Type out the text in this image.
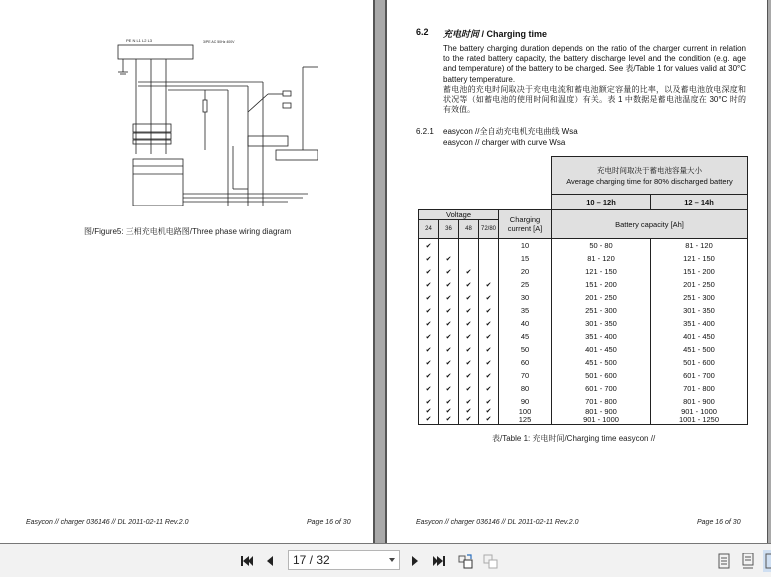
PE N L1 L2 L3	3/PE AC 50Hz 400V
图/Figure5: 三相充电机电路图/Three phase wiring diagram
Easycon // charger 036146 // DL 2011-02-11 Rev.2.0	Page 16 of 30
6.2 充电时间 / Charging time

The battery charging duration depends on the ratio of the charger current in relation to the rated battery capacity, the battery discharge level and the condition (e.g. age and temperature) of the battery to be charged. See 表/Table 1 for values valid at 30°C battery temperature.

蓄电池的充电时间取决于充电电流和蓄电池额定容量的比率，以及蓄电池放电深度和状况等（如蓄电池的使用时间和温度）有关。表 1 中数据是蓄电池温度在 30°C 时的有效值。

6.2.1 easycon //全自动充电机充电曲线 Wsa
easycon // charger with curve Wsa

					充电时间取决于蓄电池容量大小
Average charging time for 80% discharged battery	

					10 – 12h	12 – 14h
Voltage				Charging current [A]	Battery capacity [Ah]	
24	36	48	72/80			
✔				10	50 - 80	81 - 120
✔	✔			15	81 - 120	121 - 150
✔	✔	✔		20	121 - 150	151 - 200
✔	✔	✔	✔	25	151 - 200	201 - 250
✔	✔	✔	✔	30	201 - 250	251 - 300
✔	✔	✔	✔	35	251 - 300	301 - 350
✔	✔	✔	✔	40	301 - 350	351 - 400
✔	✔	✔	✔	45	351 - 400	401 - 450
✔	✔	✔	✔	50	401 - 450	451 - 500
✔	✔	✔	✔	60	451 - 500	501 - 600
✔	✔	✔	✔	70	501 - 600	601 - 700
✔	✔	✔	✔	80	601 - 700	701 - 800
✔	✔	✔	✔	90	701 - 800	801 - 900
✔	✔	✔	✔	100	801 - 900	901 - 1000
✔	✔	✔	✔	125	901 - 1000	1001 - 1250
表/Table 1: 充电时间/Charging time easycon //
Easycon // charger 036146 // DL 2011-02-11 Rev.2.0	Page 16 of 30
17 / 32
